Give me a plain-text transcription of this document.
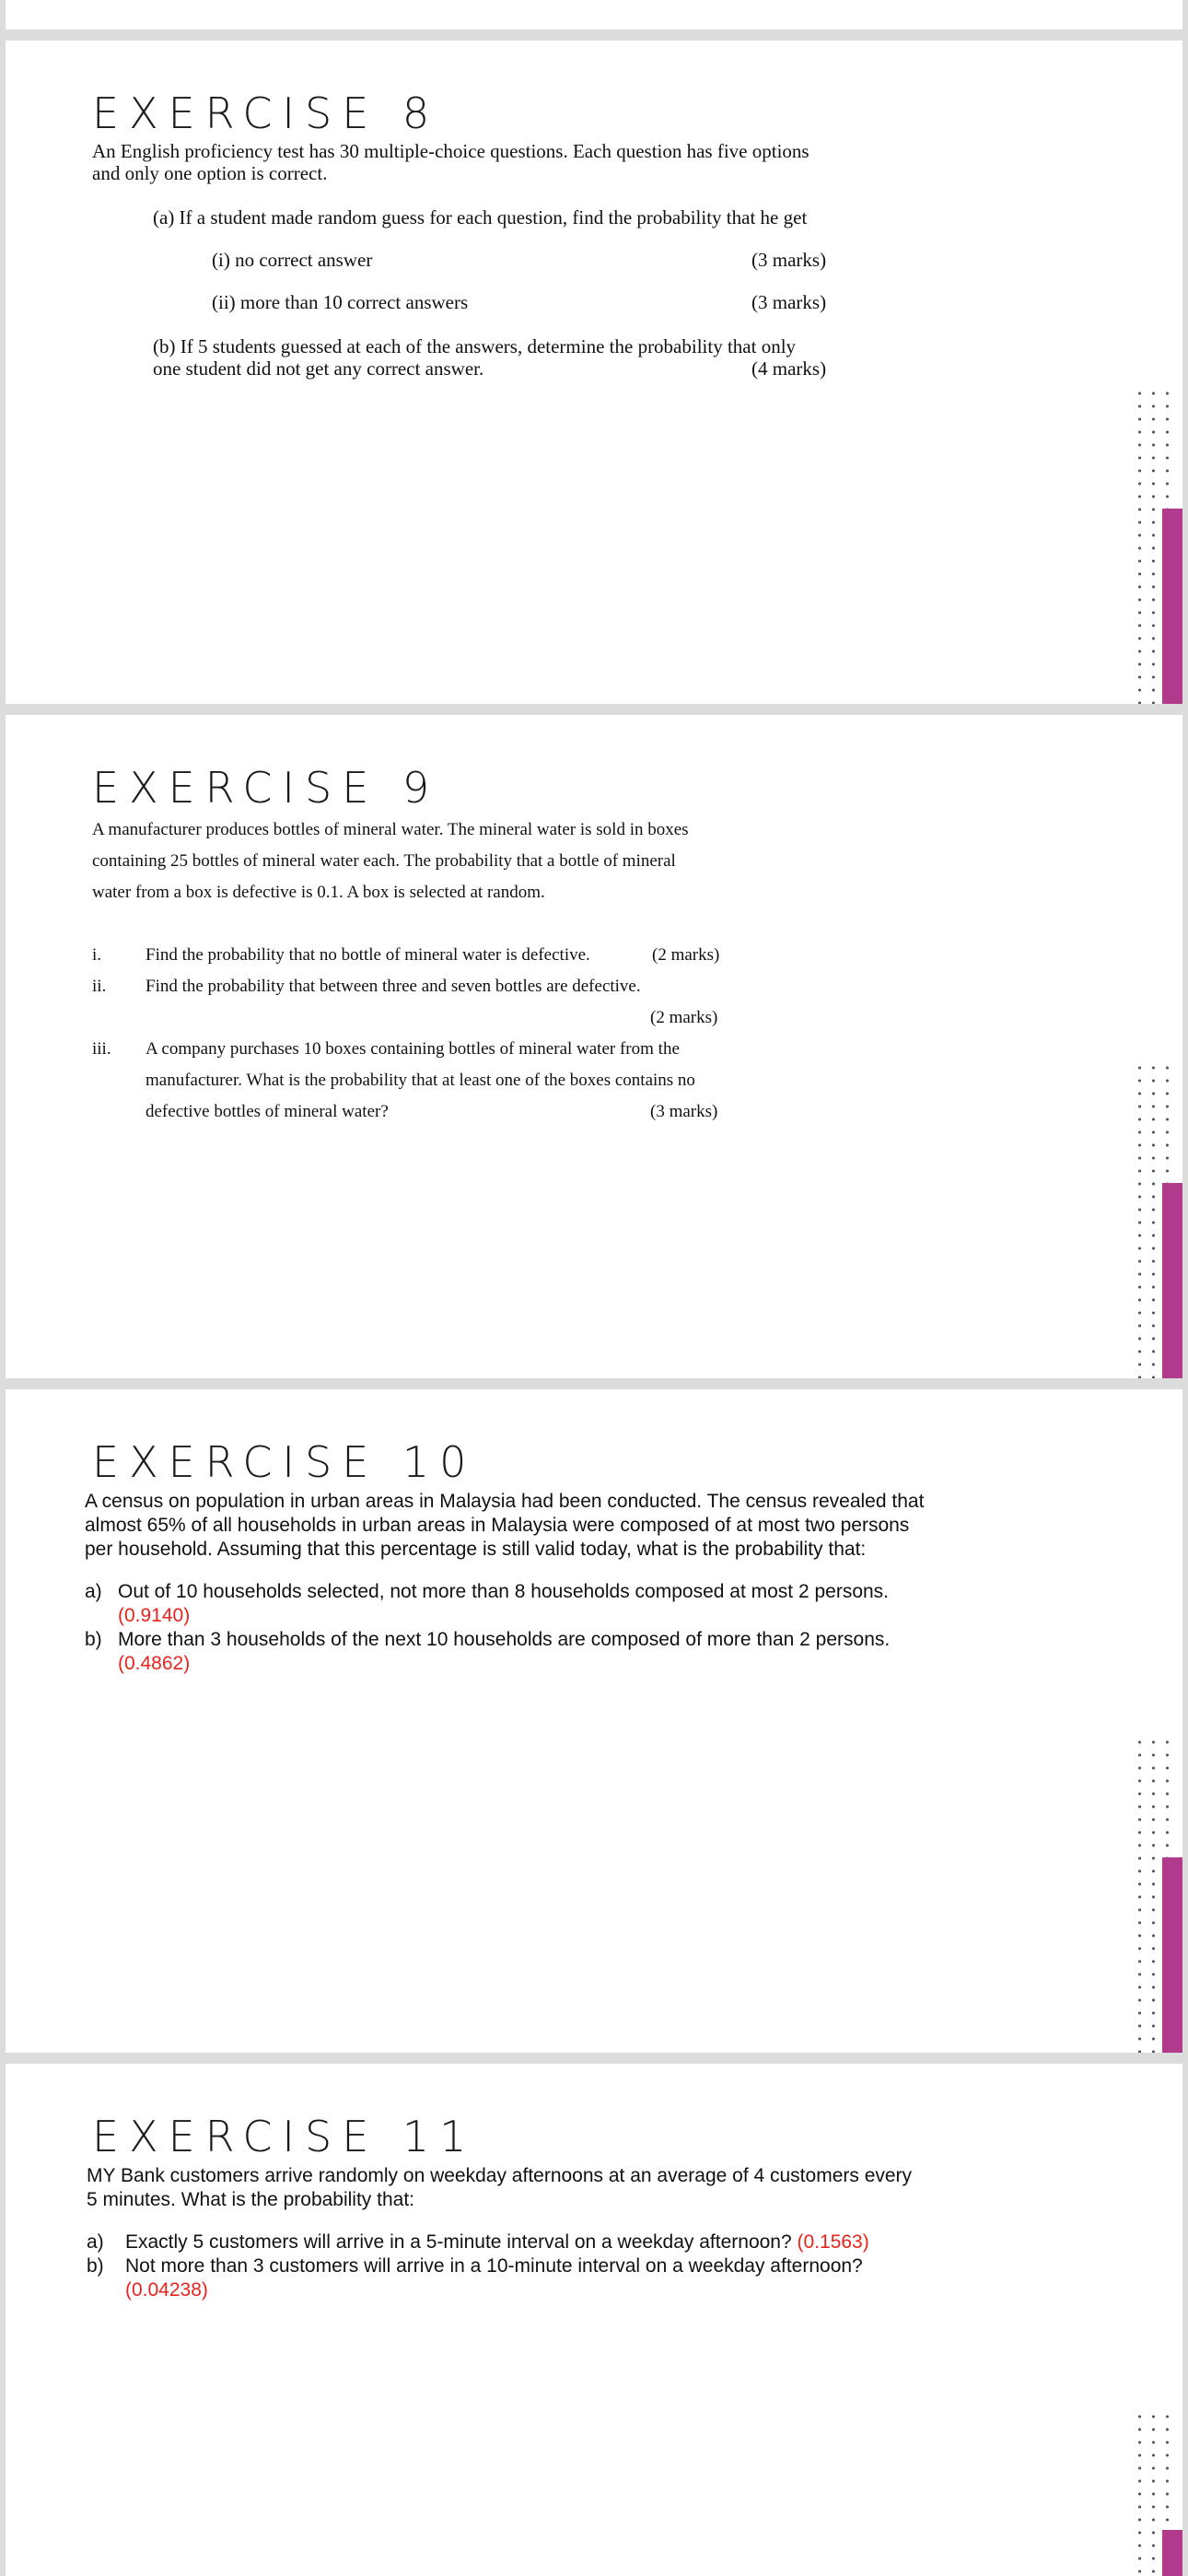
EXERCISE 8

An English proficiency test has 30 multiple-choice questions. Each question has five options

and only one option is correct.

(a) If a student made random guess for each question, find the probability that he get

(i) no correct answer	(3 marks)

(ii) more than 10 correct answers	(3 marks)

(b) If 5 students guessed at each of the answers, determine the probability that only

one student did not get any correct answer.	(4 marks)

EXERCISE 9

A manufacturer produces bottles of mineral water. The mineral water is sold in boxes

containing 25 bottles of mineral water each. The probability that a bottle of mineral

water from a box is defective is 0.1. A box is selected at random.

i.	Find the probability that no bottle of mineral water is defective.	(2 marks)

ii. Find the probability that between three and seven bottles are defective.

(2 marks)

iii. A company purchases 10 boxes containing bottles of mineral water from the

manufacturer. What is the probability that at least one of the boxes contains no

defective bottles of mineral water?	(3 marks)

EXERCISE 10

A census on population in urban areas in Malaysia had been conducted. The census revealed that

almost 65% of all households in urban areas in Malaysia were composed of at most two persons

per household. Assuming that this percentage is still valid today, what is the probability that:

a) Out of 10 households selected, not more than 8 households composed at most 2 persons.

(0.9140)

b) More than 3 households of the next 10 households are composed of more than 2 persons.

(0.4862)

EXERCISE 11

MY Bank customers arrive randomly on weekday afternoons at an average of 4 customers every

5 minutes. What is the probability that:

a) Exactly 5 customers will arrive in a 5-minute interval on a weekday afternoon? (0.1563)

b) Not more than 3 customers will arrive in a 10-minute interval on a weekday afternoon?

(0.04238)
